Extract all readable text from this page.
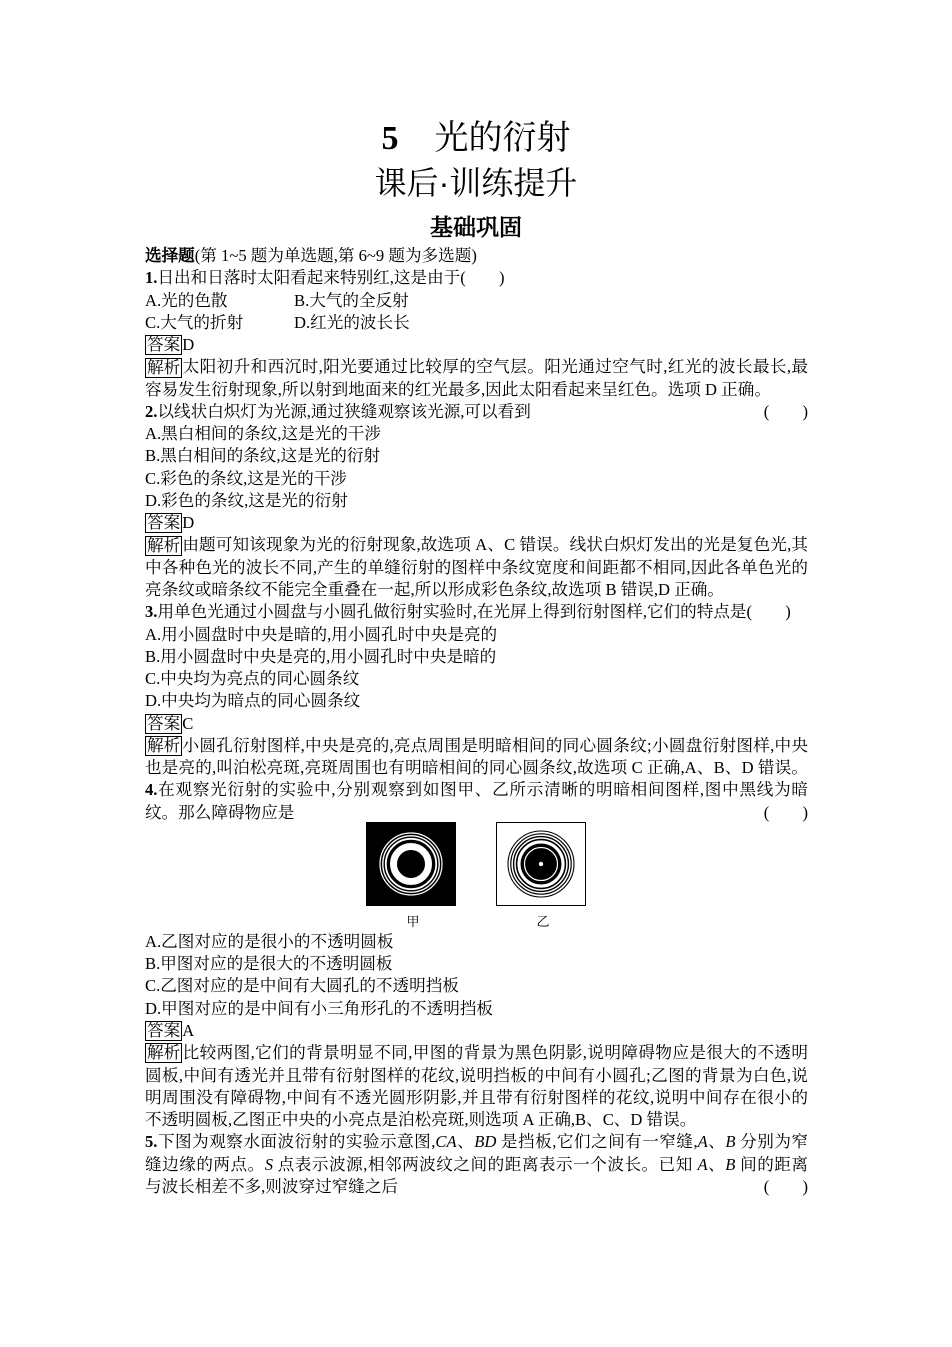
5 光的衍射
课后·训练提升
基础巩固
选择题(第 1~5 题为单选题,第 6~9 题为多选题)
1.日出和日落时太阳看起来特别红,这是由于(　　)
A.光的色散	B.大气的全反射
C.大气的折射	D.红光的波长长
答案 D
解析 太阳初升和西沉时,阳光要通过比较厚的空气层。阳光通过空气时,红光的波长最长,最
容易发生衍射现象,所以射到地面来的红光最多,因此太阳看起来呈红色。选项 D 正确。
2.以线状白炽灯为光源,通过狭缝观察该光源,可以看到	(　　)
A.黑白相间的条纹,这是光的干涉
B.黑白相间的条纹,这是光的衍射
C.彩色的条纹,这是光的干涉
D.彩色的条纹,这是光的衍射
答案 D
解析 由题可知该现象为光的衍射现象,故选项 A、C 错误。线状白炽灯发出的光是复色光,其
中各种色光的波长不同,产生的单缝衍射的图样中条纹宽度和间距都不相同,因此各单色光的
亮条纹或暗条纹不能完全重叠在一起,所以形成彩色条纹,故选项 B 错误,D 正确。
3.用单色光通过小圆盘与小圆孔做衍射实验时,在光屏上得到衍射图样,它们的特点是(　　)
A.用小圆盘时中央是暗的,用小圆孔时中央是亮的
B.用小圆盘时中央是亮的,用小圆孔时中央是暗的
C.中央均为亮点的同心圆条纹
D.中央均为暗点的同心圆条纹
答案 C
解析 小圆孔衍射图样,中央是亮的,亮点周围是明暗相间的同心圆条纹;小圆盘衍射图样,中央
也是亮的,叫泊松亮斑,亮斑周围也有明暗相间的同心圆条纹,故选项 C 正确,A、B、D 错误。
4.在观察光衍射的实验中,分别观察到如图甲、乙所示清晰的明暗相间图样,图中黑线为暗
纹。那么障碍物应是	(　　)
甲	乙
A.乙图对应的是很小的不透明圆板
B.甲图对应的是很大的不透明圆板
C.乙图对应的是中间有大圆孔的不透明挡板
D.甲图对应的是中间有小三角形孔的不透明挡板
答案 A
解析 比较两图,它们的背景明显不同,甲图的背景为黑色阴影,说明障碍物应是很大的不透明
圆板,中间有透光并且带有衍射图样的花纹,说明挡板的中间有小圆孔;乙图的背景为白色,说
明周围没有障碍物,中间有不透光圆形阴影,并且带有衍射图样的花纹,说明中间存在很小的
不透明圆板,乙图正中央的小亮点是泊松亮斑,则选项 A 正确,B、C、D 错误。
5.下图为观察水面波衍射的实验示意图,CA、BD 是挡板,它们之间有一窄缝,A、B 分别为窄
缝边缘的两点。S 点表示波源,相邻两波纹之间的距离表示一个波长。已知 A、B 间的距离
与波长相差不多,则波穿过窄缝之后	(　　)
